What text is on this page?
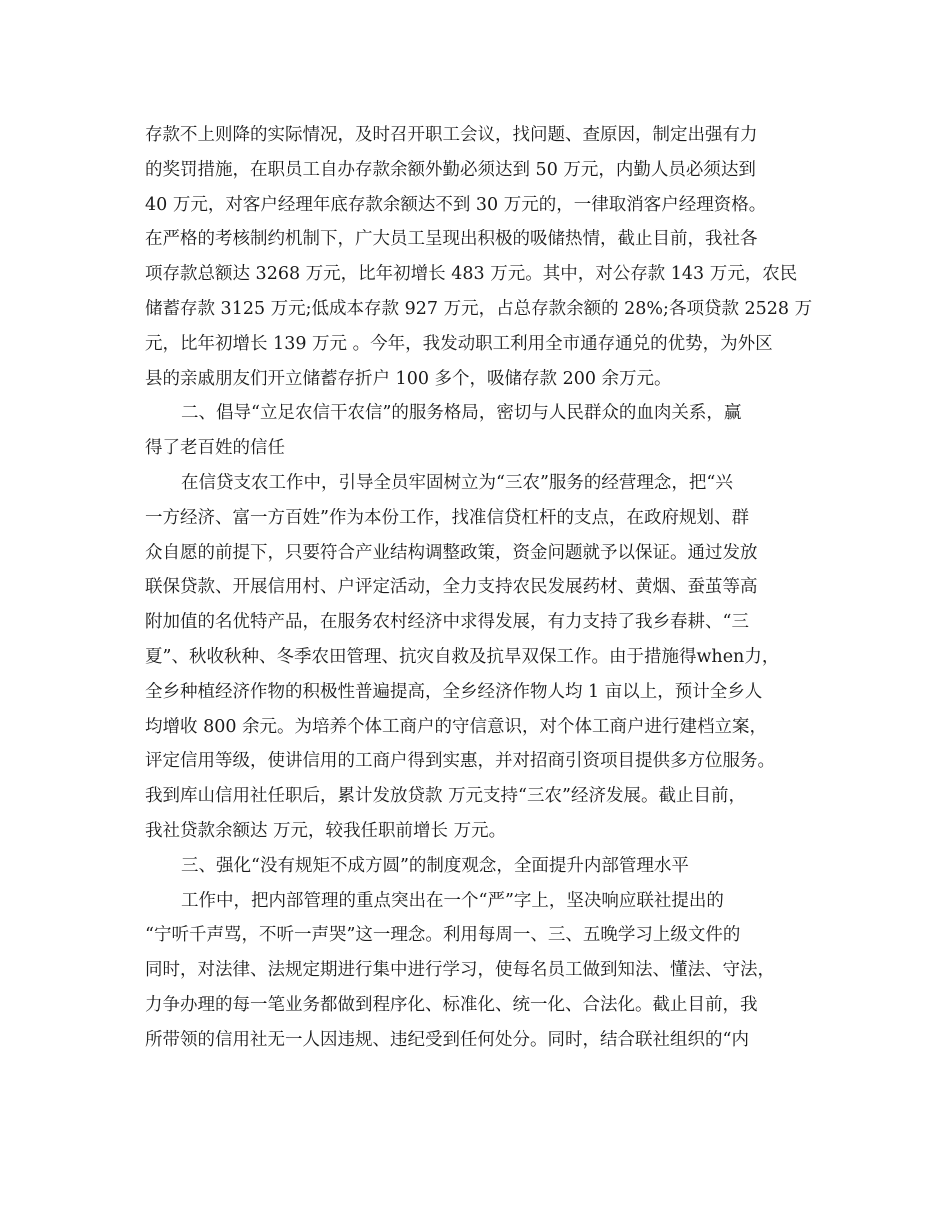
存款不上则降的实际情况，及时召开职工会议，找问题、查原因，制定出强有力
的奖罚措施，在职员工自办存款余额外勤必须达到 50 万元，内勤人员必须达到
40 万元，对客户经理年底存款余额达不到 30 万元的，一律取消客户经理资格。
在严格的考核制约机制下，广大员工呈现出积极的吸储热情，截止目前，我社各
项存款总额达 3268 万元，比年初增长 483 万元。其中，对公存款 143 万元，农民
储蓄存款 3125 万元;低成本存款 927 万元，占总存款余额的 28%;各项贷款 2528 万
元，比年初增长 139 万元 。今年，我发动职工利用全市通存通兑的优势，为外区
县的亲戚朋友们开立储蓄存折户 100 多个，吸储存款 200 余万元。
二、倡导“立足农信干农信”的服务格局，密切与人民群众的血肉关系，赢
得了老百姓的信任
在信贷支农工作中，引导全员牢固树立为“三农”服务的经营理念，把“兴
一方经济、富一方百姓”作为本份工作，找准信贷杠杆的支点，在政府规划、群
众自愿的前提下，只要符合产业结构调整政策，资金问题就予以保证。通过发放
联保贷款、开展信用村、户评定活动，全力支持农民发展药材、黄烟、蚕茧等高
附加值的名优特产品，在服务农村经济中求得发展，有力支持了我乡春耕、“三
夏”、秋收秋种、冬季农田管理、抗灾自救及抗旱双保工作。由于措施得when力，
全乡种植经济作物的积极性普遍提高，全乡经济作物人均 1 亩以上，预计全乡人
均增收 800 余元。为培养个体工商户的守信意识，对个体工商户进行建档立案，
评定信用等级，使讲信用的工商户得到实惠，并对招商引资项目提供多方位服务。
我到库山信用社任职后，累计发放贷款 万元支持“三农”经济发展。截止目前，
我社贷款余额达 万元，较我任职前增长 万元。
三、强化“没有规矩不成方圆”的制度观念，全面提升内部管理水平
工作中，把内部管理的重点突出在一个“严”字上，坚决响应联社提出的
“宁听千声骂，不听一声哭”这一理念。利用每周一、三、五晚学习上级文件的
同时，对法律、法规定期进行集中进行学习，使每名员工做到知法、懂法、守法，
力争办理的每一笔业务都做到程序化、标准化、统一化、合法化。截止目前，我
所带领的信用社无一人因违规、违纪受到任何处分。同时，结合联社组织的“内
